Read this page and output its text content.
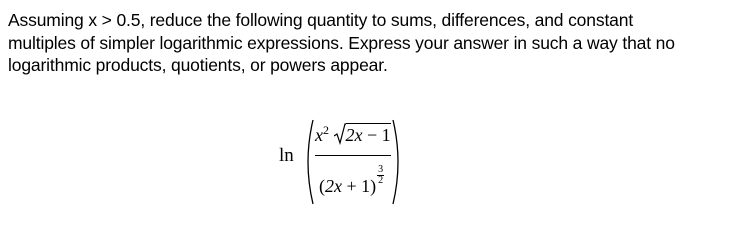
Assuming x > 0.5, reduce the following quantity to sums, differences, and constant

multiples of simpler logarithmic expressions. Express your answer in such a way that no

logarithmic products, quotients, or powers appear.

ln
$x^2$ 2x − 1
$(2x + 1) \frac{3}{2}$
